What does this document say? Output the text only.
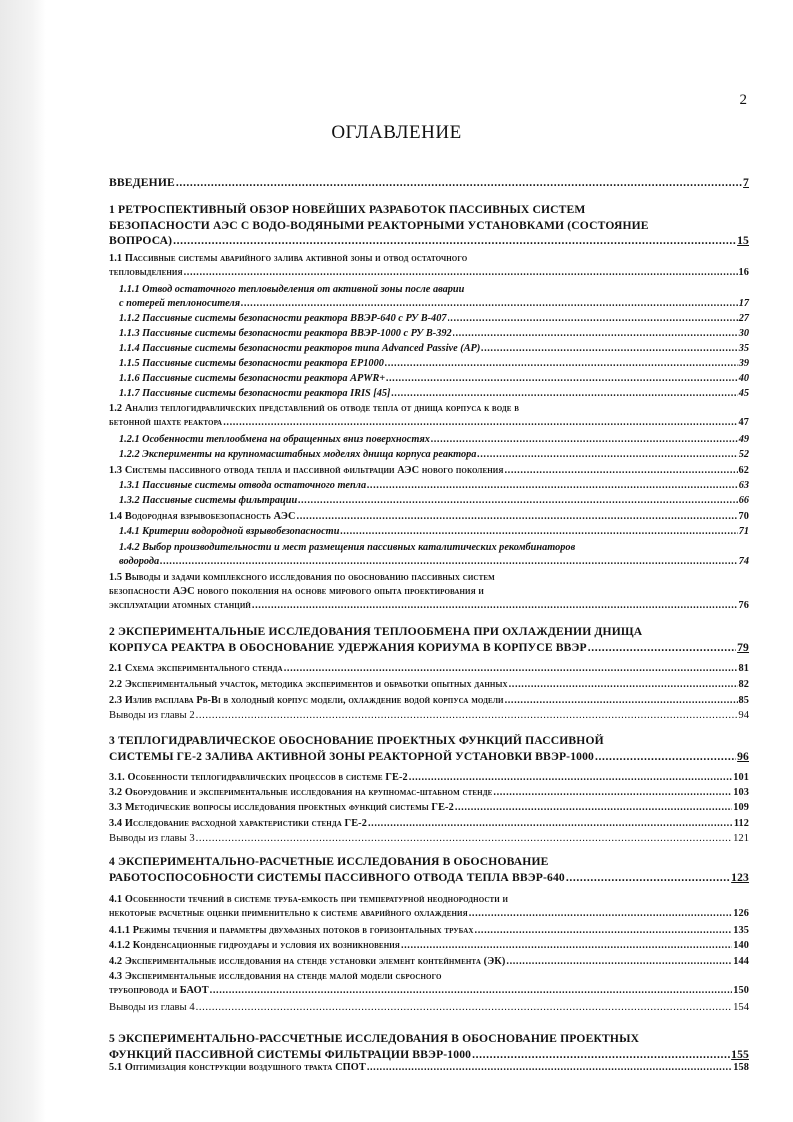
2
ОГЛАВЛЕНИЕ
ВВЕДЕНИЕ .....	7
1 РЕТРОСПЕКТИВНЫЙ ОБЗОР НОВЕЙШИХ РАЗРАБОТОК ПАССИВНЫХ СИСТЕМ
БЕЗОПАСНОСТИ АЭС С ВОДО-ВОДЯНЫМИ РЕАКТОРНЫМИ УСТАНОВКАМИ (СОСТОЯНИЕ
ВОПРОСА) .....	15
1.1 Пассивные системы аварийного залива активной зоны и отвод остаточного
тепловыделения .....	16
1.1.1 Отвод остаточного тепловыделения от активной зоны после аварии
с потерей теплоносителя .....	17
1.1.2 Пассивные системы безопасности реактора ВВЭР-640 с РУ В-407 .....	27
1.1.3 Пассивные системы безопасности реактора ВВЭР-1000 с РУ В-392 .....	30
1.1.4 Пассивные системы безопасности реакторов типа Advanced Passive (AP) .....	35
1.1.5 Пассивные системы безопасности реактора EP1000 .....	39
1.1.6 Пассивные системы безопасности реактора APWR+ .....	40
1.1.7 Пассивные системы безопасности реактора IRIS [45] .....	45
1.2 Анализ теплогидравлических представлений об отводе тепла от днища корпуса к воде в
бетонной шахте реактора .....	47
1.2.1 Особенности теплообмена на обращенных вниз поверхностях .....	49
1.2.2 Эксперименты на крупномасштабных моделях днища корпуса реактора .....	52
1.3 Системы пассивного отвода тепла и пассивной фильтрации АЭС нового поколения .....	62
1.3.1 Пассивные системы отвода остаточного тепла .....	63
1.3.2 Пассивные системы фильтрации .....	66
1.4 Водородная взрывобезопасность АЭС .....	70
1.4.1 Критерии водородной взрывобезопасности .....	71
1.4.2 Выбор производительности и мест размещения пассивных каталитических рекомбинаторов
водорода .....	74
1.5 Выводы и задачи комплексного исследования по обоснованию пассивных систем
безопасности АЭС нового поколения на основе мирового опыта проектирования и
эксплуатации атомных станций .....	76
2 ЭКСПЕРИМЕНТАЛЬНЫЕ ИССЛЕДОВАНИЯ ТЕПЛООБМЕНА ПРИ ОХЛАЖДЕНИИ ДНИЩА
КОРПУСА РЕАКТРА В ОБОСНОВАНИЕ УДЕРЖАНИЯ КОРИУМА В КОРПУСЕ ВВЭР .....	79
2.1 Схема экспериментального стенда .....	81
2.2 Экспериментальный участок, методика экспериментов и обработки опытных данных .....	82
2.3 Излив расплава Pb-Bi в холодный корпус модели, охлаждение водой корпуса модели .....	85
Выводы из главы 2 .....	94
3 ТЕПЛОГИДРАВЛИЧЕСКОЕ ОБОСНОВАНИЕ ПРОЕКТНЫХ ФУНКЦИЙ ПАССИВНОЙ
СИСТЕМЫ ГЕ-2 ЗАЛИВА АКТИВНОЙ ЗОНЫ РЕАКТОРНОЙ УСТАНОВКИ ВВЭР-1000 .....	96
3.1. Особенности теплогидравлических процессов в системе ГЕ-2 .....	101
3.2 Оборудование и экспериментальные исследования на крупномас-штабном стенде .....	103
3.3 Методические вопросы исследования проектных функций системы ГЕ-2 .....	109
3.4 Исследование расходной характеристики стенда ГЕ-2 .....	112
Выводы из главы 3 .....	121
4 ЭКСПЕРИМЕНТАЛЬНО-РАСЧЕТНЫЕ ИССЛЕДОВАНИЯ В ОБОСНОВАНИЕ
РАБОТОСПОСОБНОСТИ СИСТЕМЫ ПАССИВНОГО ОТВОДА ТЕПЛА ВВЭР-640 .....	123
4.1 Особенности течений в системе труба-емкость при температурной неоднородности и
некоторые расчетные оценки применительно к системе аварийного охлаждения .....	126
4.1.1 Режимы течения и параметры двухфазных потоков в горизонтальных трубах .....	135
4.1.2 Конденсационные гидроудары и условия их возникновения .....	140
4.2 Экспериментальные исследования на стенде установки элемент контейнмента (ЭК) .....	144
4.3 Экспериментальные исследования на стенде малой модели сбросного
трубопровода и БАОТ .....	150
Выводы из главы 4 .....	154
5 ЭКСПЕРИМЕНТАЛЬНО-РАССЧЕТНЫЕ ИССЛЕДОВАНИЯ В ОБОСНОВАНИЕ ПРОЕКТНЫХ
ФУНКЦИЙ ПАССИВНОЙ СИСТЕМЫ ФИЛЬТРАЦИИ ВВЭР-1000 .....	155
5.1 Оптимизация конструкции воздушного тракта СПОТ .....	158
